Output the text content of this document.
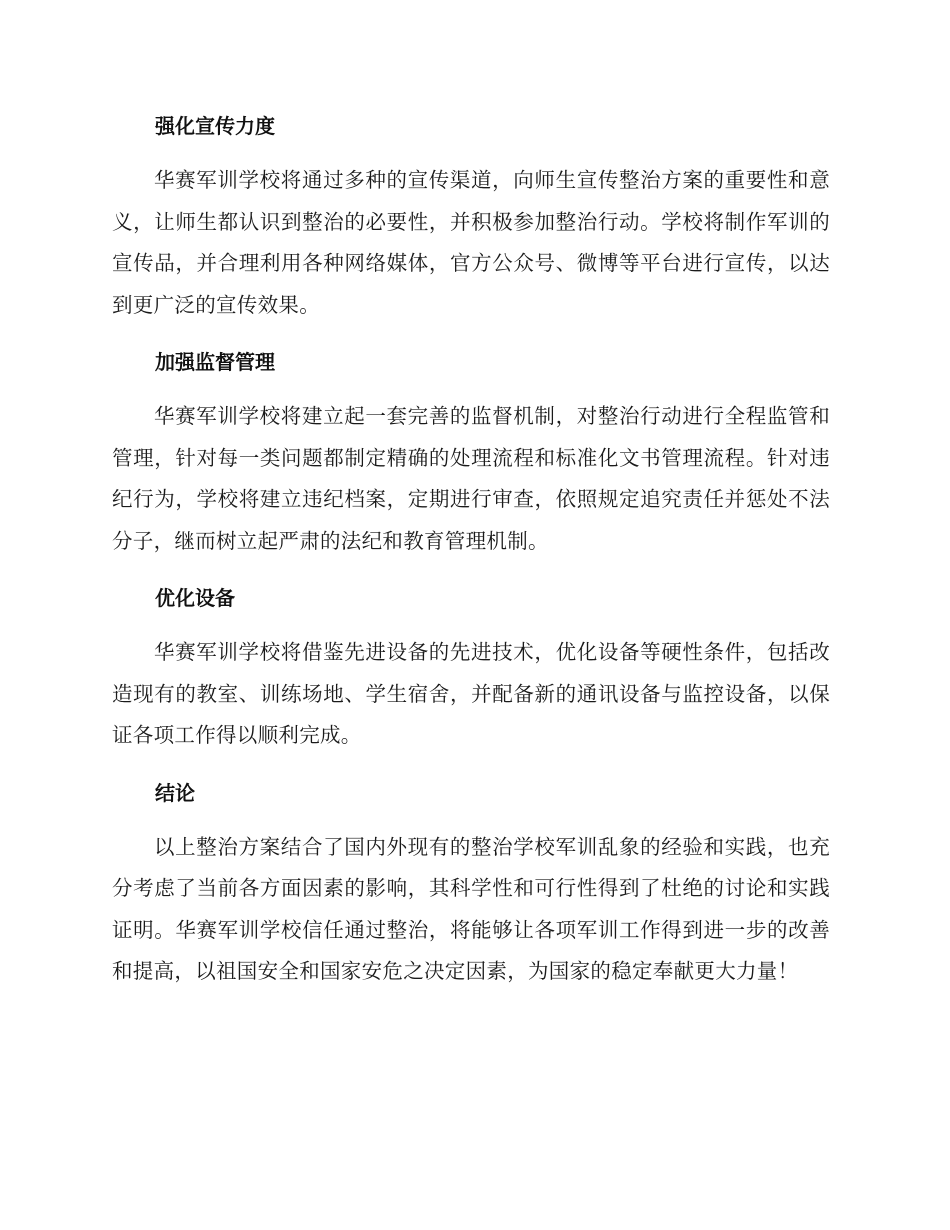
强化宣传力度

华赛军训学校将通过多种的宣传渠道，向师生宣传整治方案的重要性和意义，让师生都认识到整治的必要性，并积极参加整治行动。学校将制作军训的宣传品，并合理利用各种网络媒体，官方公众号、微博等平台进行宣传，以达到更广泛的宣传效果。

加强监督管理

华赛军训学校将建立起一套完善的监督机制，对整治行动进行全程监管和管理，针对每一类问题都制定精确的处理流程和标准化文书管理流程。针对违纪行为，学校将建立违纪档案，定期进行审查，依照规定追究责任并惩处不法分子，继而树立起严肃的法纪和教育管理机制。

优化设备

华赛军训学校将借鉴先进设备的先进技术，优化设备等硬性条件，包括改造现有的教室、训练场地、学生宿舍，并配备新的通讯设备与监控设备，以保证各项工作得以顺利完成。

结论

以上整治方案结合了国内外现有的整治学校军训乱象的经验和实践，也充分考虑了当前各方面因素的影响，其科学性和可行性得到了杜绝的讨论和实践证明。华赛军训学校信任通过整治，将能够让各项军训工作得到进一步的改善和提高，以祖国安全和国家安危之决定因素，为国家的稳定奉献更大力量！
